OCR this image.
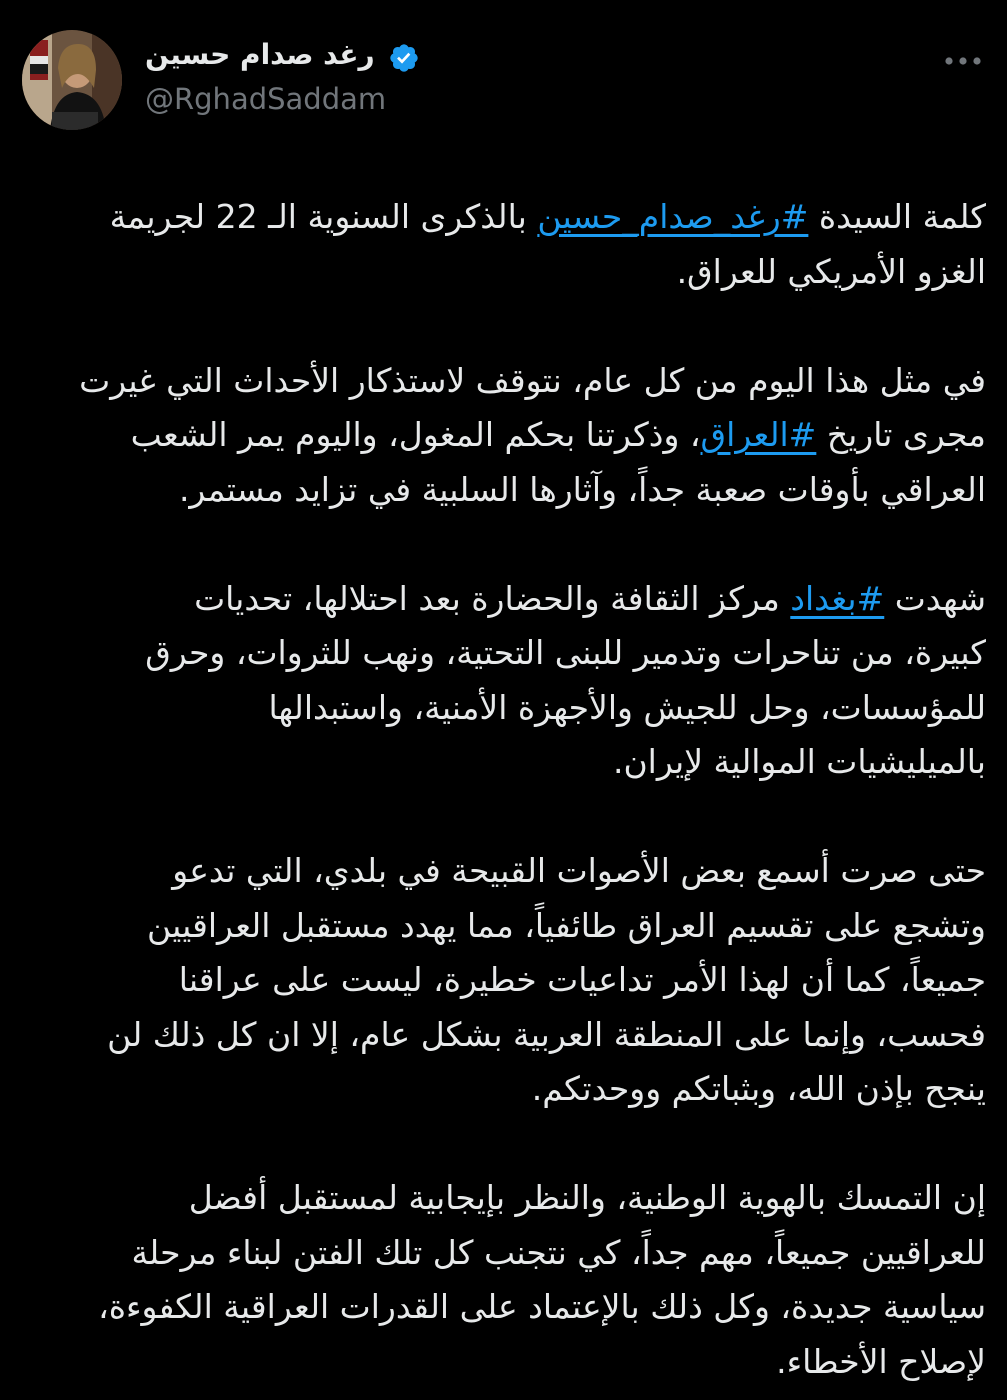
رغد صدام حسين
@RghadSaddam
كلمة السيدة #رغد_صدام_حسين بالذكرى السنوية الـ 22 لجريمة
الغزو الأمريكي للعراق.
في مثل هذا اليوم من كل عام، نتوقف لاستذكار الأحداث التي غيرت
مجرى تاريخ #العراق، وذكرتنا بحكم المغول، واليوم يمر الشعب
العراقي بأوقات صعبة جداً، وآثارها السلبية في تزايد مستمر.
شهدت #بغداد مركز الثقافة والحضارة بعد احتلالها، تحديات
كبيرة، من تناحرات وتدمير للبنى التحتية، ونهب للثروات، وحرق
للمؤسسات، وحل للجيش والأجهزة الأمنية، واستبدالها
بالميليشيات الموالية لإيران.
حتى صرت أسمع بعض الأصوات القبيحة في بلدي، التي تدعو
وتشجع على تقسيم العراق طائفياً، مما يهدد مستقبل العراقيين
جميعاً، كما أن لهذا الأمر تداعيات خطيرة، ليست على عراقنا
فحسب، وإنما على المنطقة العربية بشكل عام، إلا ان كل ذلك لن
ينجح بإذن الله، وبثباتكم ووحدتكم.
إن التمسك بالهوية الوطنية، والنظر بإيجابية لمستقبل أفضل
للعراقيين جميعاً، مهم جداً، كي نتجنب كل تلك الفتن لبناء مرحلة
سياسية جديدة، وكل ذلك بالإعتماد على القدرات العراقية الكفوءة،
لإصلاح الأخطاء.
